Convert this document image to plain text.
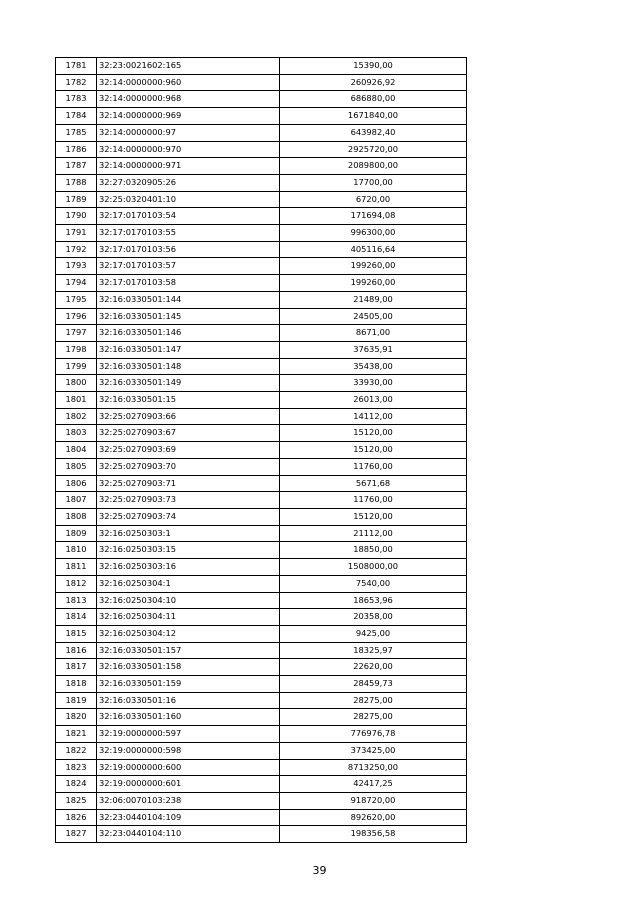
1781	32:23:0021602:165	15390,00
1782	32:14:0000000:960	260926,92
1783	32:14:0000000:968	686880,00
1784	32:14:0000000:969	1671840,00
1785	32:14:0000000:97	643982,40
1786	32:14:0000000:970	2925720,00
1787	32:14:0000000:971	2089800,00
1788	32:27:0320905:26	17700,00
1789	32:25:0320401:10	6720,00
1790	32:17:0170103:54	171694,08
1791	32:17:0170103:55	996300,00
1792	32:17:0170103:56	405116,64
1793	32:17:0170103:57	199260,00
1794	32:17:0170103:58	199260,00
1795	32:16:0330501:144	21489,00
1796	32:16:0330501:145	24505,00
1797	32:16:0330501:146	8671,00
1798	32:16:0330501:147	37635,91
1799	32:16:0330501:148	35438,00
1800	32:16:0330501:149	33930,00
1801	32:16:0330501:15	26013,00
1802	32:25:0270903:66	14112,00
1803	32:25:0270903:67	15120,00
1804	32:25:0270903:69	15120,00
1805	32:25:0270903:70	11760,00
1806	32:25:0270903:71	5671,68
1807	32:25:0270903:73	11760,00
1808	32:25:0270903:74	15120,00
1809	32:16:0250303:1	21112,00
1810	32:16:0250303:15	18850,00
1811	32:16:0250303:16	1508000,00
1812	32:16:0250304:1	7540,00
1813	32:16:0250304:10	18653,96
1814	32:16:0250304:11	20358,00
1815	32:16:0250304:12	9425,00
1816	32:16:0330501:157	18325,97
1817	32:16:0330501:158	22620,00
1818	32:16:0330501:159	28459,73
1819	32:16:0330501:16	28275,00
1820	32:16:0330501:160	28275,00
1821	32:19:0000000:597	776976,78
1822	32:19:0000000:598	373425,00
1823	32:19:0000000:600	8713250,00
1824	32:19:0000000:601	42417,25
1825	32:06:0070103:238	918720,00
1826	32:23:0440104:109	892620,00
1827	32:23:0440104:110	198356,58
39
